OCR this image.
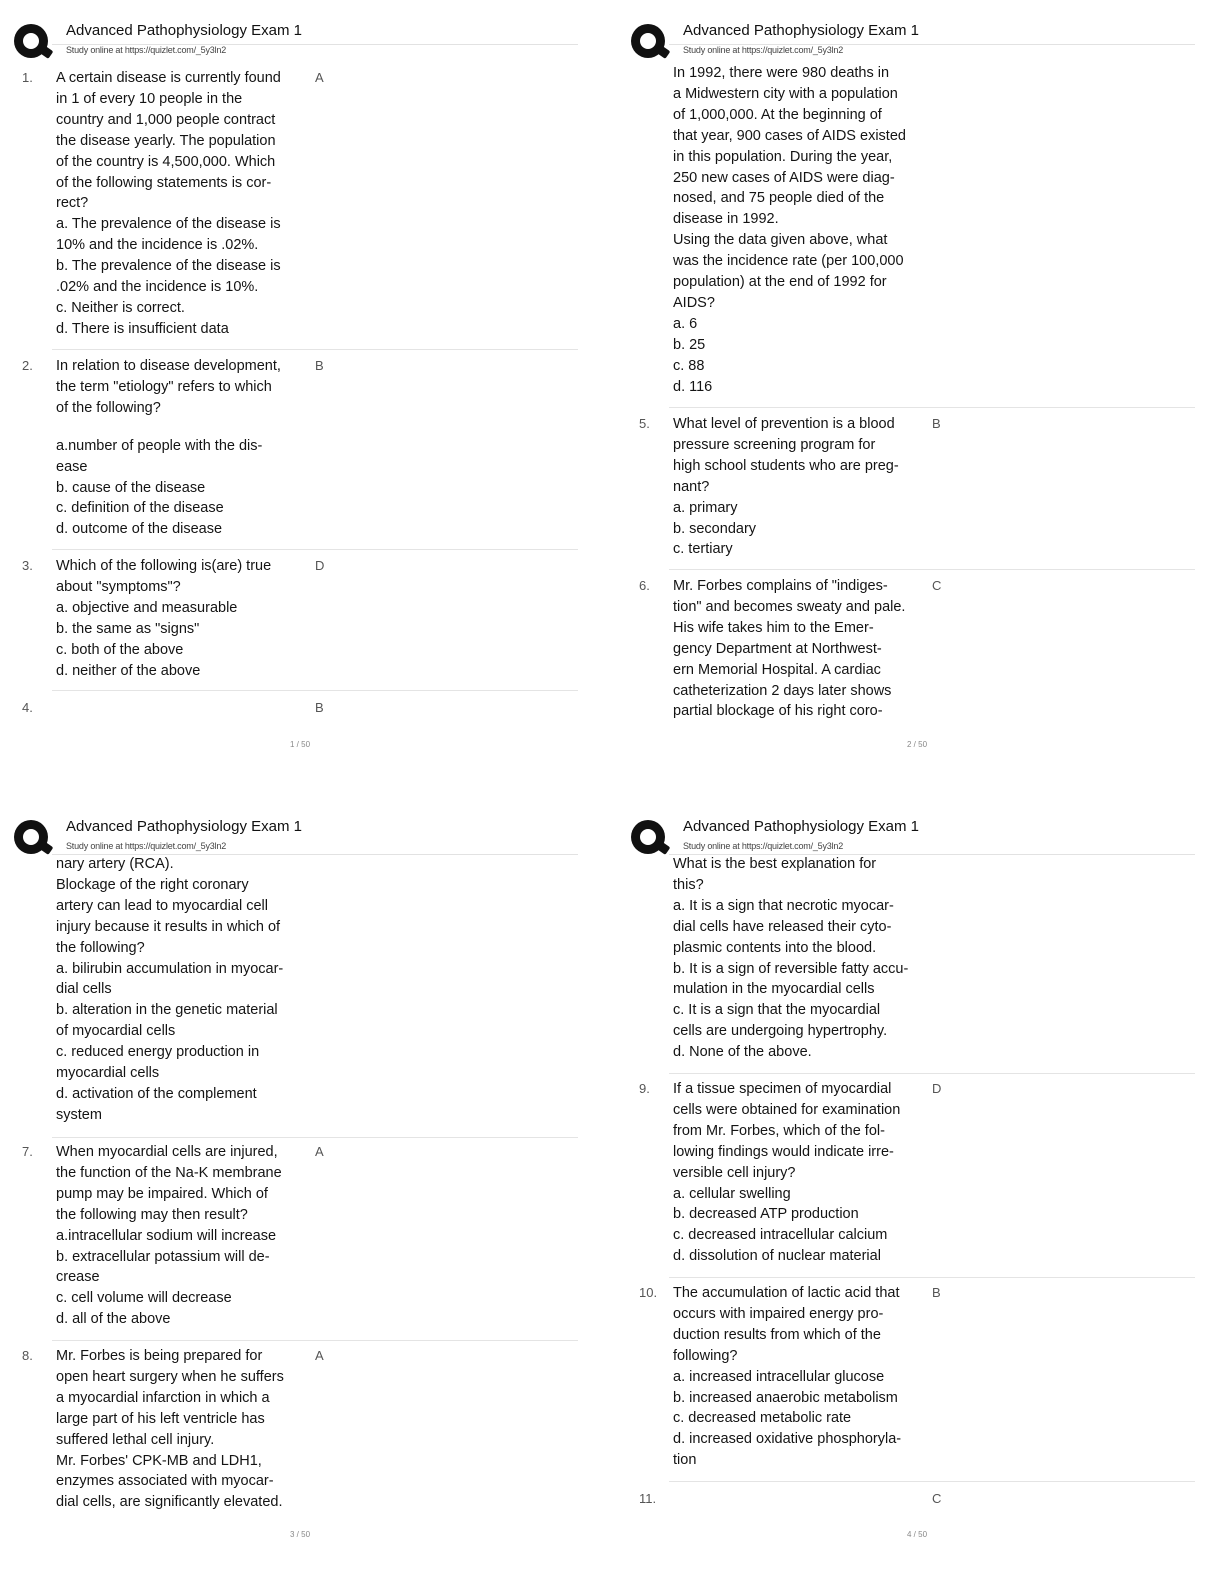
Advanced Pathophysiology Exam 1
Study online at https://quizlet.com/_5y3ln2
1. A certain disease is currently found
in 1 of every 10 people in the
country and 1,000 people contract
the disease yearly. The population
of the country is 4,500,000. Which
of the following statements is cor-
rect?
a. The prevalence of the disease is
10% and the incidence is .02%.
b. The prevalence of the disease is
.02% and the incidence is 10%.
c. Neither is correct.
d. There is insufficient data
A
2. In relation to disease development,
the term "etiology" refers to which
of the following?
a.number of people with the dis-
ease
b. cause of the disease
c. definition of the disease
d. outcome of the disease
B
3. Which of the following is(are) true
about "symptoms"?
a. objective and measurable
b. the same as "signs"
c. both of the above
d. neither of the above
D
4.	B
1 / 50
Advanced Pathophysiology Exam 1
Study online at https://quizlet.com/_5y3ln2
In 1992, there were 980 deaths in
a Midwestern city with a population
of 1,000,000. At the beginning of
that year, 900 cases of AIDS existed
in this population. During the year,
250 new cases of AIDS were diag-
nosed, and 75 people died of the
disease in 1992.
Using the data given above, what
was the incidence rate (per 100,000
population) at the end of 1992 for
AIDS?
a. 6
b. 25
c. 88
d. 116
5. What level of prevention is a blood
pressure screening program for
high school students who are preg-
nant?
a. primary
b. secondary
c. tertiary
B
6. Mr. Forbes complains of "indiges-
tion" and becomes sweaty and pale.
His wife takes him to the Emer-
gency Department at Northwest-
ern Memorial Hospital. A cardiac
catheterization 2 days later shows
partial blockage of his right coro-
C
2 / 50
Advanced Pathophysiology Exam 1
Study online at https://quizlet.com/_5y3ln2
nary artery (RCA).
Blockage of the right coronary
artery can lead to myocardial cell
injury because it results in which of
the following?
a. bilirubin accumulation in myocar-
dial cells
b. alteration in the genetic material
of myocardial cells
c. reduced energy production in
myocardial cells
d. activation of the complement
system
7. When myocardial cells are injured,
the function of the Na-K membrane
pump may be impaired. Which of
the following may then result?
a.intracellular sodium will increase
b. extracellular potassium will de-
crease
c. cell volume will decrease
d. all of the above
A
8. Mr. Forbes is being prepared for
open heart surgery when he suffers
a myocardial infarction in which a
large part of his left ventricle has
suffered lethal cell injury.
Mr. Forbes' CPK-MB and LDH1,
enzymes associated with myocar-
dial cells, are significantly elevated.
A
3 / 50
Advanced Pathophysiology Exam 1
Study online at https://quizlet.com/_5y3ln2
What is the best explanation for
this?
a. It is a sign that necrotic myocar-
dial cells have released their cyto-
plasmic contents into the blood.
b. It is a sign of reversible fatty accu-
mulation in the myocardial cells
c. It is a sign that the myocardial
cells are undergoing hypertrophy.
d. None of the above.
9. If a tissue specimen of myocardial
cells were obtained for examination
from Mr. Forbes, which of the fol-
lowing findings would indicate irre-
versible cell injury?
a. cellular swelling
b. decreased ATP production
c. decreased intracellular calcium
d. dissolution of nuclear material
D
10. The accumulation of lactic acid that
occurs with impaired energy pro-
duction results from which of the
following?
a. increased intracellular glucose
b. increased anaerobic metabolism
c. decreased metabolic rate
d. increased oxidative phosphoryla-
tion
B
11.	C
4 / 50
